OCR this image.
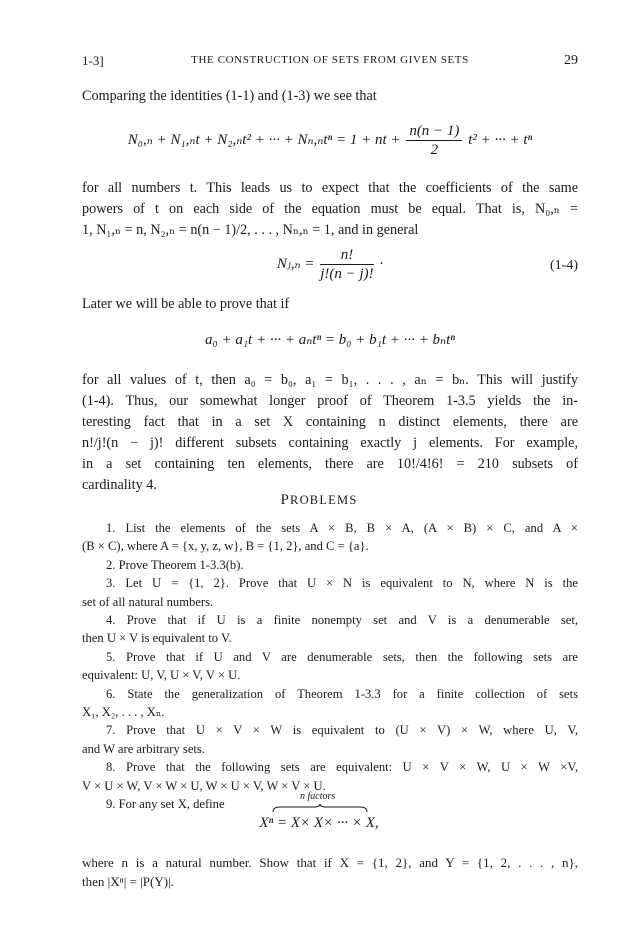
1-3]	THE CONSTRUCTION OF SETS FROM GIVEN SETS	29
Comparing the identities (1-1) and (1-3) we see that
N₀,ₙ + N₁,ₙt + N₂,ₙt² + ··· + Nₙ,ₙtⁿ = 1 + nt + $\frac{n(n - 1)}{2} t^2$ + ··· + tⁿ
for all numbers t. This leads us to expect that the coefficients of the same
powers of t on each side of the equation must be equal. That is, N₀,ₙ =
1, N₁,ₙ = n, N₂,ₙ = n(n − 1)/2, . . . , Nₙ,ₙ = 1, and in general
Nⱼ,ₙ = $\frac{n!}{j!(n - j)!}$ ·	(1-4)
Later we will be able to prove that if
a₀ + a₁t + ··· + aₙtⁿ = b₀ + b₁t + ··· + bₙtⁿ
for all values of t, then a₀ = b₀, a₁ = b₁, . . . , aₙ = bₙ. This will justify
(1-4). Thus, our somewhat longer proof of Theorem 1-3.5 yields the in-
teresting fact that in a set X containing n distinct elements, there are
n!/j!(n − j)! different subsets containing exactly j elements. For example,
in a set containing ten elements, there are 10!/4!6! = 210 subsets of
cardinality 4.
PROBLEMS
1. List the elements of the sets A × B, B × A, (A × B) × C, and A ×
(B × C), where A = {x, y, z, w}, B = {1, 2}, and C = {a}.
2. Prove Theorem 1-3.3(b).
3. Let U = {1, 2}. Prove that U × N is equivalent to N, where N is the
set of all natural numbers.
4. Prove that if U is a finite nonempty set and V is a denumerable set,
then U × V is equivalent to V.
5. Prove that if U and V are denumerable sets, then the following sets are
equivalent: U, V, U × V, V × U.
6. State the generalization of Theorem 1-3.3 for a finite collection of sets
X₁, X₂, . . . , Xₙ.
7. Prove that U × V × W is equivalent to (U × V) × W, where U, V,
and W are arbitrary sets.
8. Prove that the following sets are equivalent: U × V × W, U × W ×V,
V × U × W, V × W × U, W × U × V, W × V × U.
9. For any set X, define
n factors
Xⁿ = X× X× ··· × X,
where n is a natural number. Show that if X = {1, 2}, and Y = {1, 2, . . . , n},
then |Xⁿ| = |P(Y)|.
